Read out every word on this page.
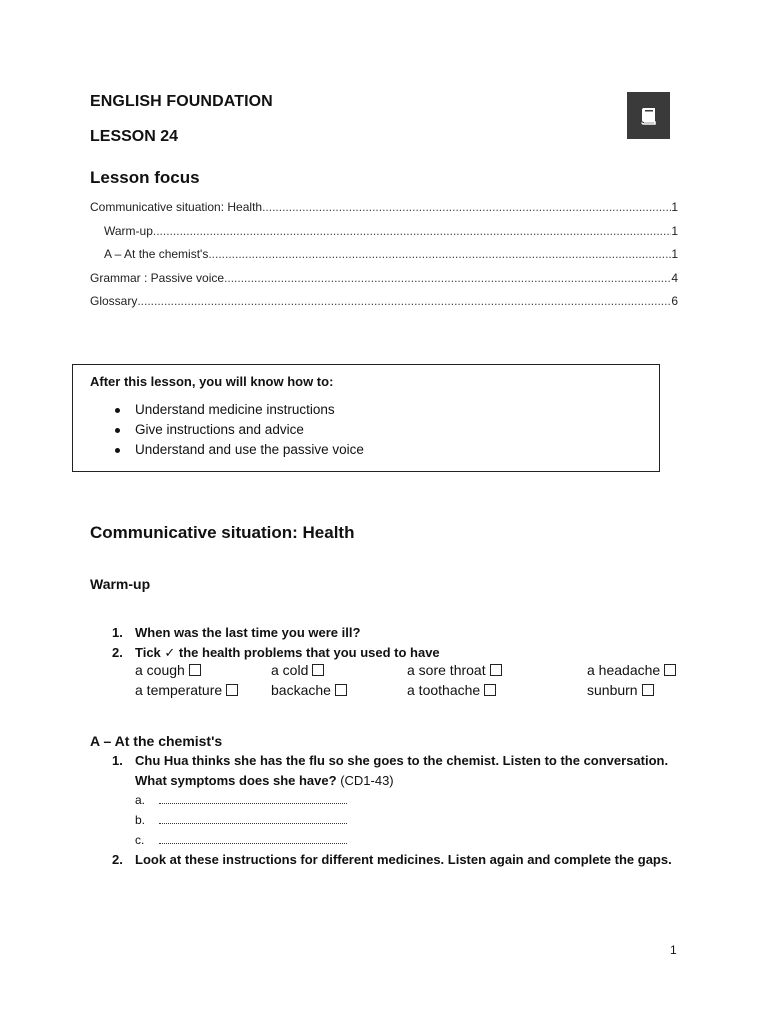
ENGLISH FOUNDATION
LESSON 24
Lesson focus
Communicative situation: Health .....	1
Warm-up .....	1
A – At the chemist's .....	1
Grammar : Passive voice .....	4
Glossary .....	6
After this lesson, you will know how to:
Understand medicine instructions
Give instructions and advice
Understand and use the passive voice
Communicative situation: Health
Warm-up
1. When was the last time you were ill?
2. Tick ✓ the health problems that you used to have
a cough	a cold	a sore throat	a headache
a temperature	backache	a toothache	sunburn
A – At the chemist's
1. Chu Hua thinks she has the flu so she goes to the chemist. Listen to the conversation.
What symptoms does she have? (CD1-43)
a.
b.
c.
2. Look at these instructions for different medicines. Listen again and complete the gaps.
1
